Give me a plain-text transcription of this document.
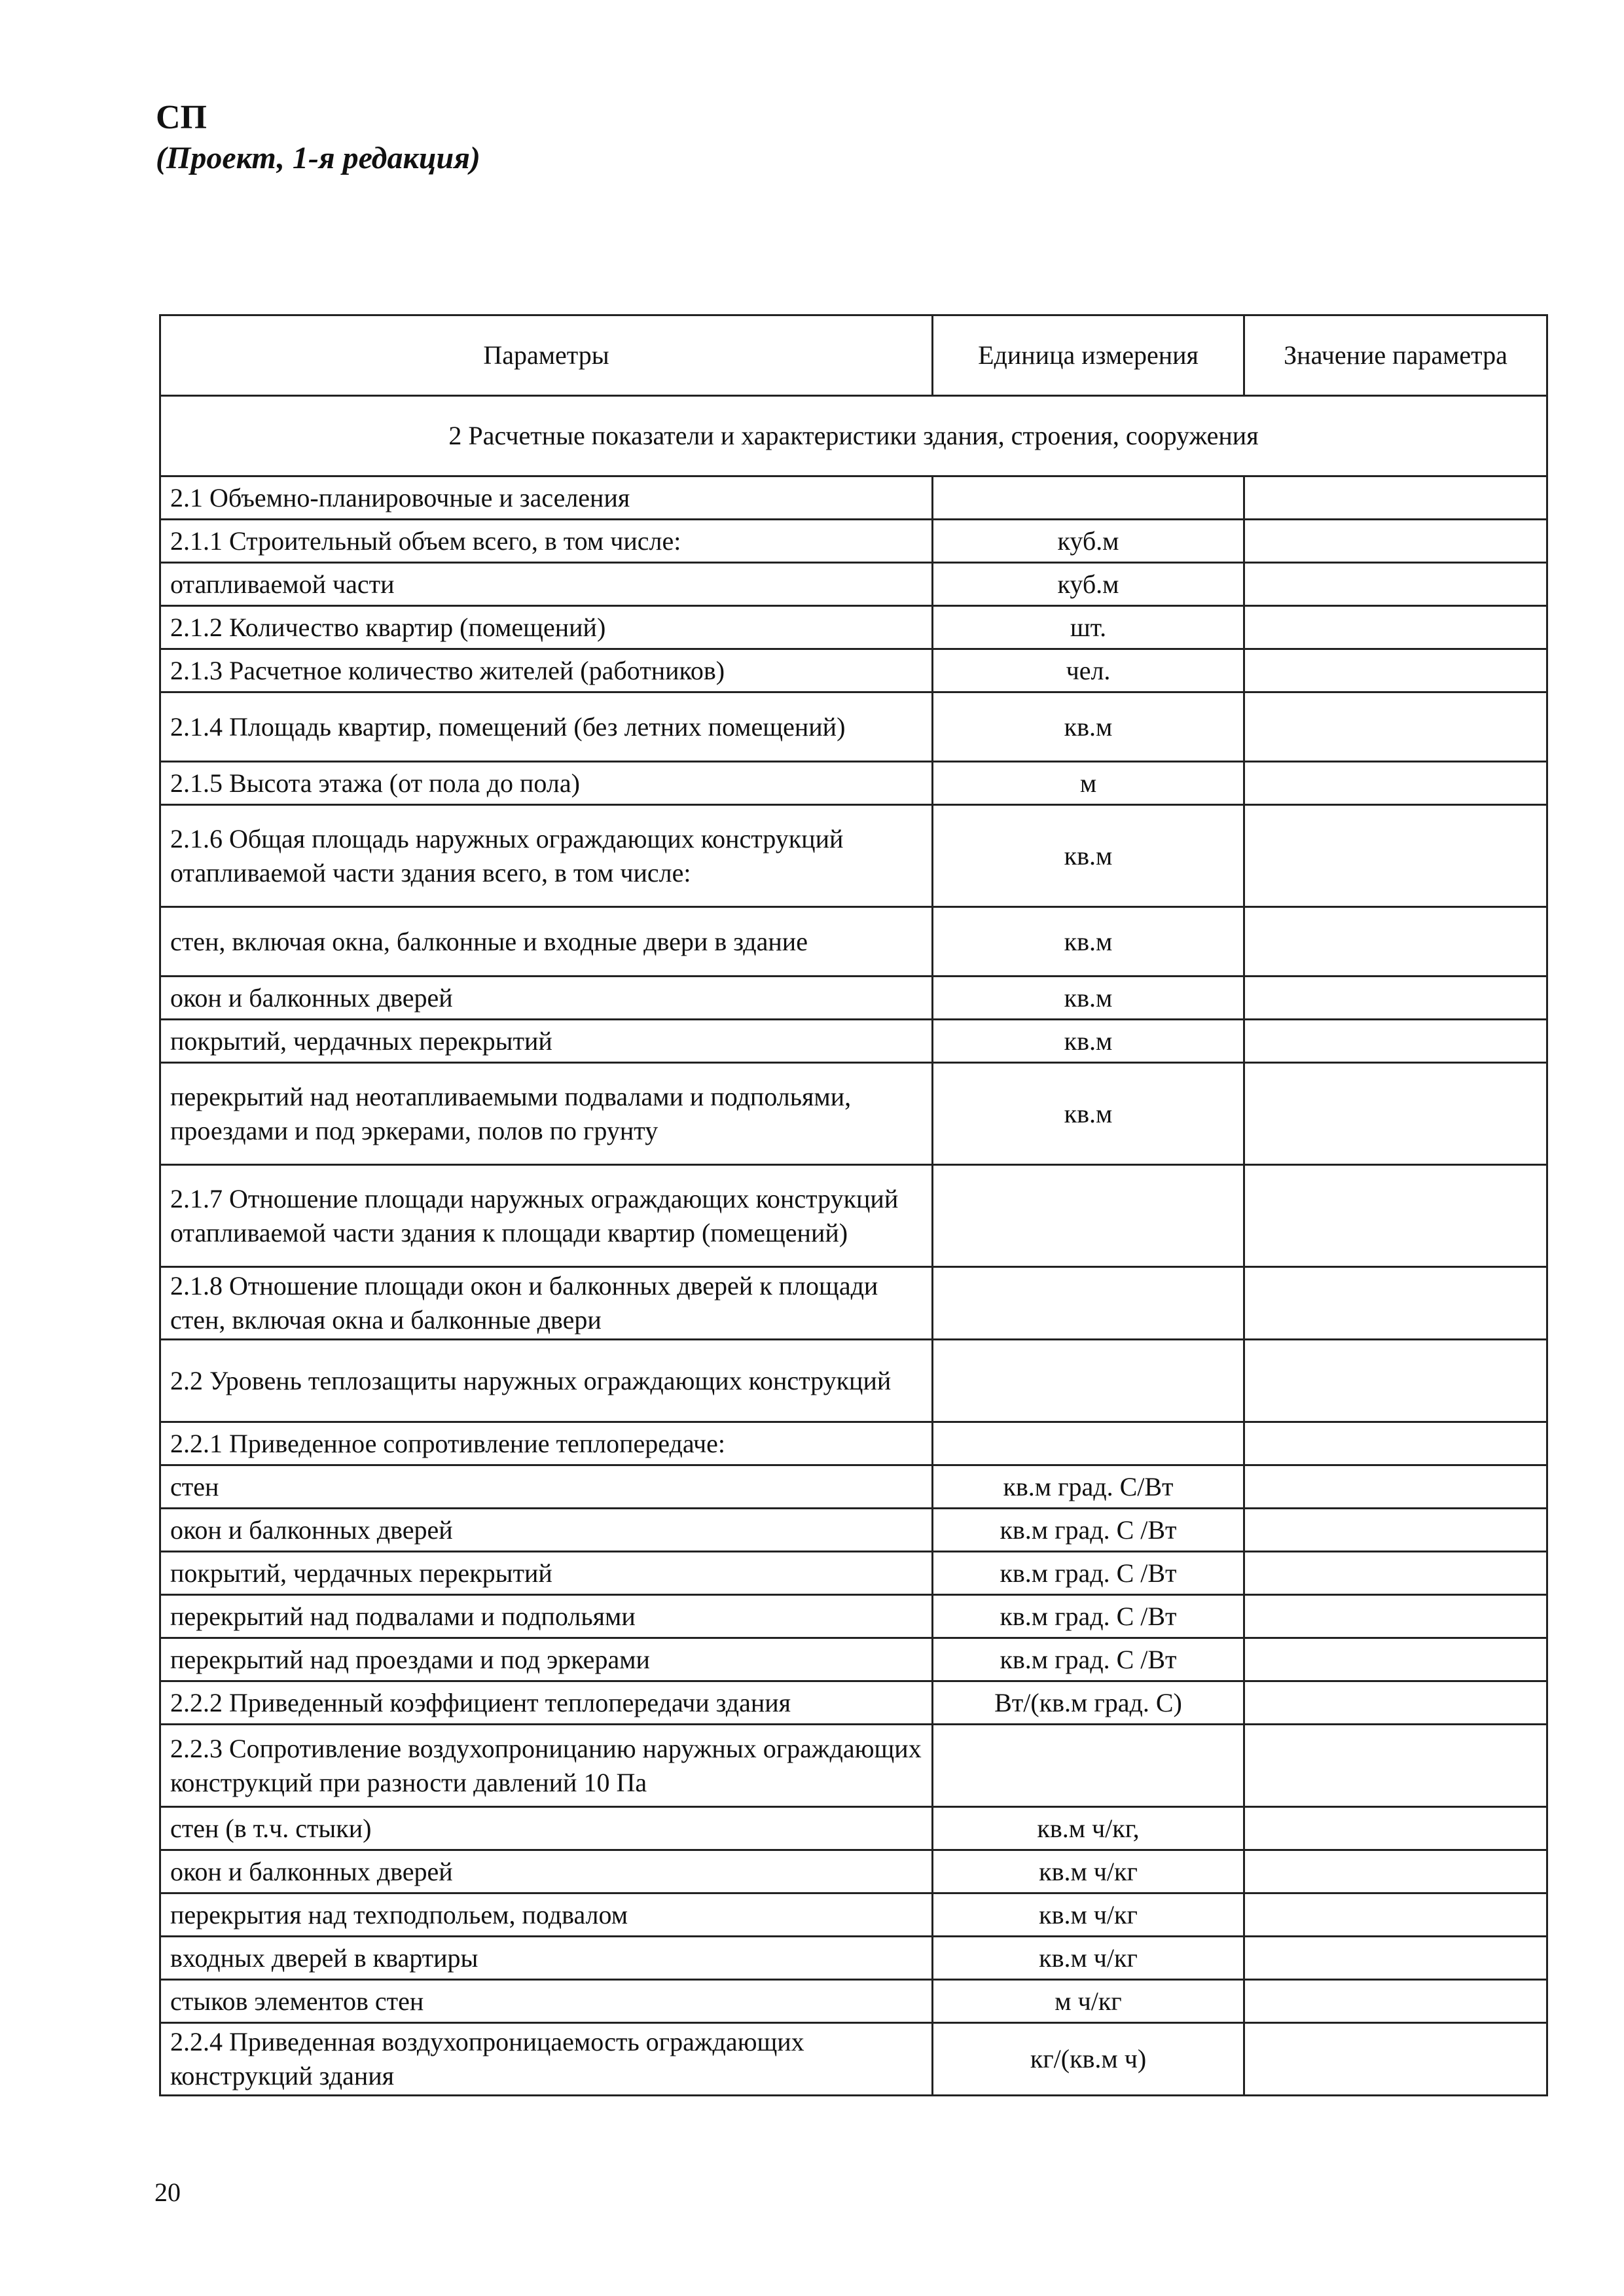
СП
(Проект, 1-я редакция)
Параметры	Единица измерения	Значение параметра
2 Расчетные показатели и характеристики здания, строения, сооружения		
2.1 Объемно-планировочные и заселения		
2.1.1 Строительный объем всего, в том числе:	куб.м	
отапливаемой части	куб.м	
2.1.2 Количество квартир (помещений)	шт.	
2.1.3 Расчетное количество жителей (работников)	чел.	
2.1.4 Площадь квартир, помещений (без летних помещений)	кв.м	
2.1.5 Высота этажа (от пола до пола)	м	
2.1.6 Общая площадь наружных ограждающих конструкций отапливаемой части здания всего, в том числе:	кв.м	
стен, включая окна, балконные и входные двери в здание	кв.м	
окон и балконных дверей	кв.м	
покрытий, чердачных перекрытий	кв.м	
перекрытий над неотапливаемыми подвалами и подпольями, проездами и под эркерами, полов по грунту	кв.м	
2.1.7 Отношение площади наружных ограждающих конструкций отапливаемой части здания к площади квартир (помещений)		
2.1.8 Отношение площади окон и балконных дверей к площади стен, включая окна и балконные двери		
2.2 Уровень теплозащиты наружных ограждающих конструкций		
2.2.1 Приведенное сопротивление теплопередаче:		
стен	кв.м град. С/Вт	
окон и балконных дверей	кв.м град. С /Вт	
покрытий, чердачных перекрытий	кв.м град. С /Вт	
перекрытий над подвалами и подпольями	кв.м град. С /Вт	
перекрытий над проездами и под эркерами	кв.м град. С /Вт	
2.2.2 Приведенный коэффициент теплопередачи здания	Вт/(кв.м град. С)	
2.2.3 Сопротивление воздухопроницанию наружных ограждающих конструкций при разности давлений 10 Па		
стен (в т.ч. стыки)	кв.м ч/кг,	
окон и балконных дверей	кв.м ч/кг	
перекрытия над техподпольем, подвалом	кв.м ч/кг	
входных дверей в квартиры	кв.м ч/кг	
стыков элементов стен	м ч/кг	
2.2.4 Приведенная воздухопроницаемость ограждающих конструкций здания	кг/(кв.м ч)	
20
